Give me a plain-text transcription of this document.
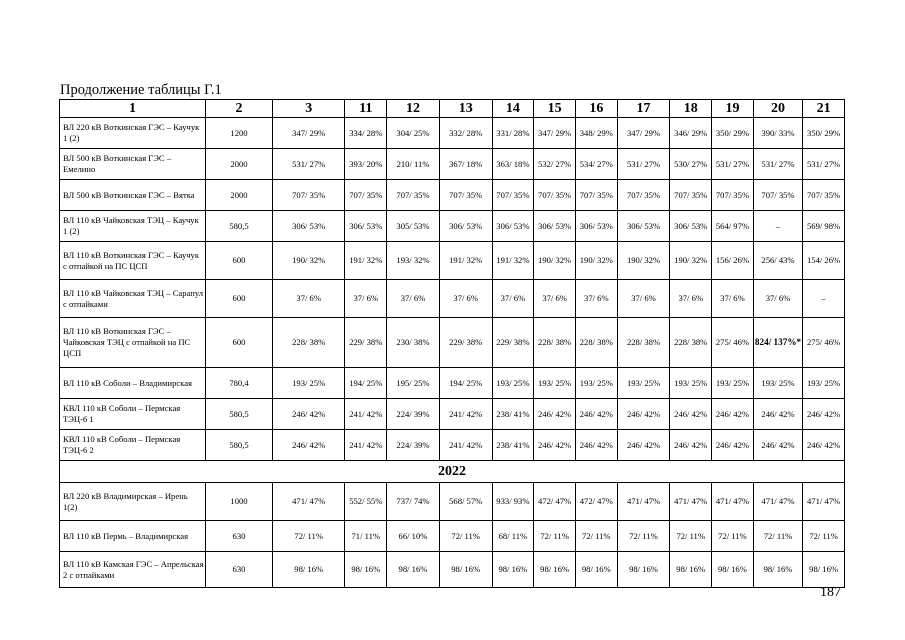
Продолжение таблицы Г.1
1	2	3	11	12	13	14	15	16	17	18	19	20	21
ВЛ 220 кВ Воткинская ГЭС – Каучук 1 (2)	1200	347/ 29%	334/ 28%	304/ 25%	332/ 28%	331/ 28%	347/ 29%	348/ 29%	347/ 29%	346/ 29%	350/ 29%	390/ 33%	350/ 29%
ВЛ 500 кВ Воткинская ГЭС – Емелино	2000	531/ 27%	393/ 20%	210/ 11%	367/ 18%	363/ 18%	532/ 27%	534/ 27%	531/ 27%	530/ 27%	531/ 27%	531/ 27%	531/ 27%
ВЛ 500 кВ Воткинская ГЭС – Вятка	2000	707/ 35%	707/ 35%	707/ 35%	707/ 35%	707/ 35%	707/ 35%	707/ 35%	707/ 35%	707/ 35%	707/ 35%	707/ 35%	707/ 35%
ВЛ 110 кВ Чайковская ТЭЦ – Каучук 1 (2)	580,5	306/ 53%	306/ 53%	305/ 53%	306/ 53%	306/ 53%	306/ 53%	306/ 53%	306/ 53%	306/ 53%	564/ 97%	–	569/ 98%
ВЛ 110 кВ Воткинская ГЭС – Каучук с отпайкой на ПС ЦСП	600	190/ 32%	191/ 32%	193/ 32%	191/ 32%	191/ 32%	190/ 32%	190/ 32%	190/ 32%	190/ 32%	156/ 26%	256/ 43%	154/ 26%
ВЛ 110 кВ Чайковская ТЭЦ – Сарапул с отпайками	600	37/ 6%	37/ 6%	37/ 6%	37/ 6%	37/ 6%	37/ 6%	37/ 6%	37/ 6%	37/ 6%	37/ 6%	37/ 6%	–
ВЛ 110 кВ Воткинская ГЭС – Чайковская ТЭЦ с отпайкой на ПС ЦСП	600	228/ 38%	229/ 38%	230/ 38%	229/ 38%	229/ 38%	228/ 38%	228/ 38%	228/ 38%	228/ 38%	275/ 46%	824/ 137%*	275/ 46%
ВЛ 110 кВ Соболи – Владимирская	780,4	193/ 25%	194/ 25%	195/ 25%	194/ 25%	193/ 25%	193/ 25%	193/ 25%	193/ 25%	193/ 25%	193/ 25%	193/ 25%	193/ 25%
КВЛ 110 кВ Соболи – Пермская ТЭЦ-6 1	580,5	246/ 42%	241/ 42%	224/ 39%	241/ 42%	238/ 41%	246/ 42%	246/ 42%	246/ 42%	246/ 42%	246/ 42%	246/ 42%	246/ 42%
КВЛ 110 кВ Соболи – Пермская ТЭЦ-6 2	580,5	246/ 42%	241/ 42%	224/ 39%	241/ 42%	238/ 41%	246/ 42%	246/ 42%	246/ 42%	246/ 42%	246/ 42%	246/ 42%	246/ 42%
2022													
ВЛ 220 кВ Владимирская – Ирень 1(2)	1000	471/ 47%	552/ 55%	737/ 74%	568/ 57%	933/ 93%	472/ 47%	472/ 47%	471/ 47%	471/ 47%	471/ 47%	471/ 47%	471/ 47%
ВЛ 110 кВ Пермь – Владимирская	630	72/ 11%	71/ 11%	66/ 10%	72/ 11%	68/ 11%	72/ 11%	72/ 11%	72/ 11%	72/ 11%	72/ 11%	72/ 11%	72/ 11%
ВЛ 110 кВ Камская ГЭС – Апрельская 2 с отпайками	630	98/ 16%	98/ 16%	98/ 16%	98/ 16%	98/ 16%	98/ 16%	98/ 16%	98/ 16%	98/ 16%	98/ 16%	98/ 16%	98/ 16%
187
